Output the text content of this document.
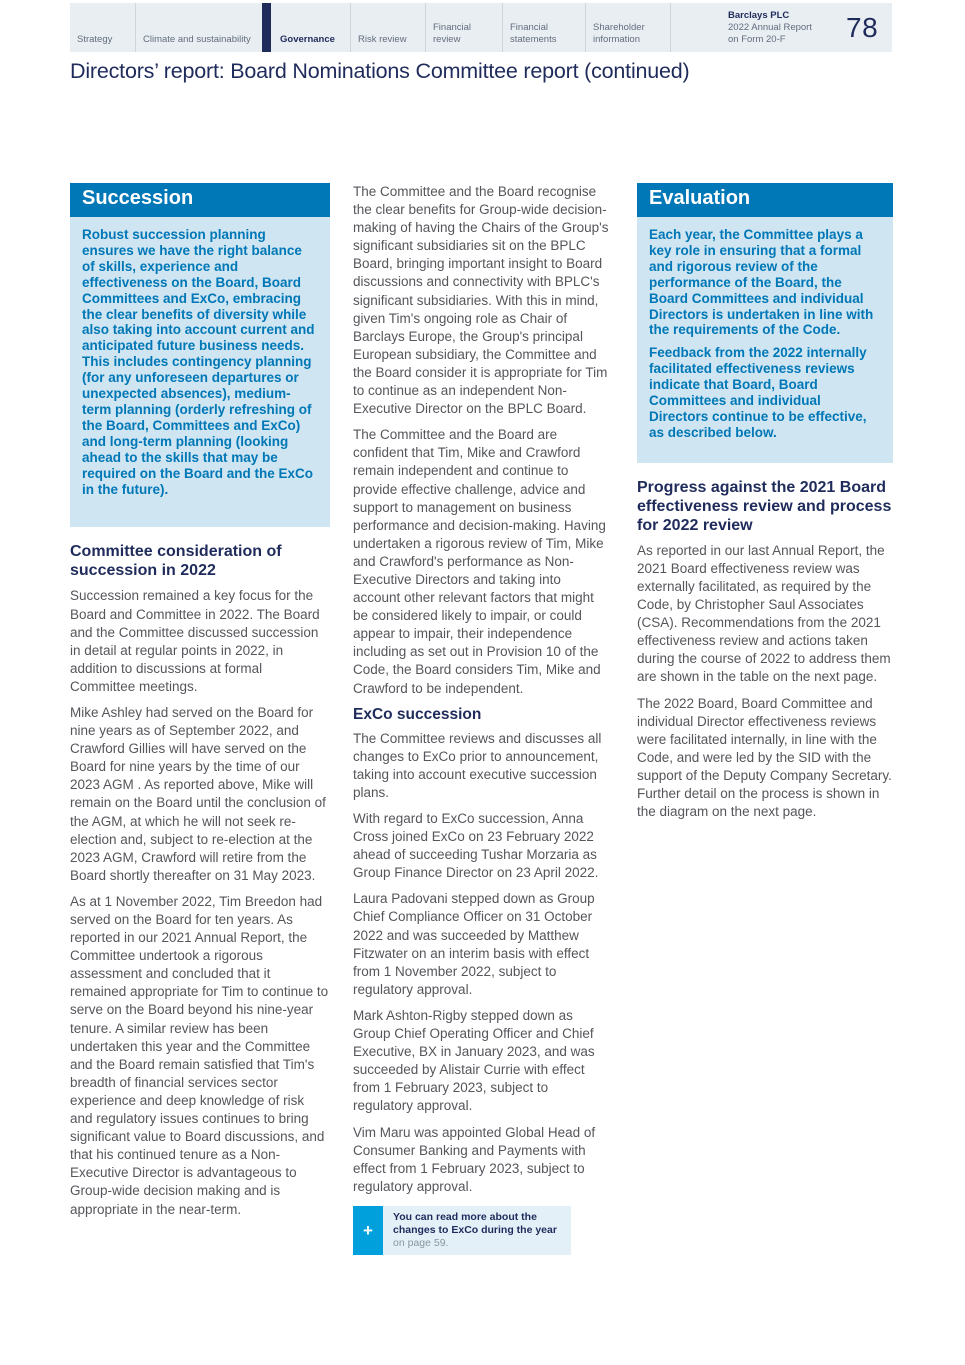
Strategy	Climate and sustainability	Governance Risk review
Financial review
Financial statements
Shareholder information
Barclays PLC
2022 Annual Report
on Form 20-F	78
Directors’ report: Board Nominations Committee report (continued)
Succession

Robust succession planning ensures we have the right balance of skills, experience and effectiveness on the Board, Board Committees and ExCo, embracing the clear benefits of diversity while also taking into account current and anticipated future business needs. This includes contingency planning (for any unforeseen departures or unexpected absences), medium-term planning (orderly refreshing of the Board, Committees and ExCo) and long-term planning (looking ahead to the skills that may be required on the Board and the ExCo in the future).

Committee consideration of succession in 2022

Succession remained a key focus for the Board and Committee in 2022. The Board and the Committee discussed succession in detail at regular points in 2022, in addition to discussions at formal Committee meetings.

Mike Ashley had served on the Board for nine years as of September 2022, and Crawford Gillies will have served on the Board for nine years by the time of our 2023 AGM . As reported above, Mike will remain on the Board until the conclusion of the AGM, at which he will not seek re-election and, subject to re-election at the 2023 AGM, Crawford will retire from the Board shortly thereafter on 31 May 2023.

As at 1 November 2022, Tim Breedon had served on the Board for ten years. As reported in our 2021 Annual Report, the Committee undertook a rigorous assessment and concluded that it remained appropriate for Tim to continue to serve on the Board beyond his nine-year tenure. A similar review has been undertaken this year and the Committee and the Board remain satisfied that Tim's breadth of financial services sector experience and deep knowledge of risk and regulatory issues continues to bring significant value to Board discussions, and that his continued tenure as a Non-Executive Director is advantageous to Group-wide decision making and is appropriate in the near-term.

The Committee and the Board recognise the clear benefits for Group-wide decision-making of having the Chairs of the Group's significant subsidiaries sit on the BPLC Board, bringing important insight to Board discussions and connectivity with BPLC's significant subsidiaries. With this in mind, given Tim's ongoing role as Chair of Barclays Europe, the Group's principal European subsidiary, the Committee and the Board consider it is appropriate for Tim to continue as an independent Non-Executive Director on the BPLC Board.

The Committee and the Board are confident that Tim, Mike and Crawford remain independent and continue to provide effective challenge, advice and support to management on business performance and decision-making. Having undertaken a rigorous review of Tim, Mike and Crawford's performance as Non-Executive Directors and taking into account other relevant factors that might be considered likely to impair, or could appear to impair, their independence including as set out in Provision 10 of the Code, the Board considers Tim, Mike and Crawford to be independent.

ExCo succession

The Committee reviews and discusses all changes to ExCo prior to announcement, taking into account executive succession plans.

With regard to ExCo succession, Anna Cross joined ExCo on 23 February 2022 ahead of succeeding Tushar Morzaria as Group Finance Director on 23 April 2022.

Laura Padovani stepped down as Group Chief Compliance Officer on 31 October 2022 and was succeeded by Matthew Fitzwater on an interim basis with effect from 1 November 2022, subject to regulatory approval.

Mark Ashton-Rigby stepped down as Group Chief Operating Officer and Chief Executive, BX in January 2023, and was succeeded by Alistair Currie with effect from 1 February 2023, subject to regulatory approval.

Vim Maru was appointed Global Head of Consumer Banking and Payments with effect from 1 February 2023, subject to regulatory approval.

+
You can read more about the changes to ExCo during the year on page 59.
Evaluation

Each year, the Committee plays a key role in ensuring that a formal and rigorous review of the performance of the Board, the Board Committees and individual Directors is undertaken in line with the requirements of the Code.

Feedback from the 2022 internally facilitated effectiveness reviews indicate that Board, Board Committees and individual Directors continue to be effective, as described below.

Progress against the 2021 Board effectiveness review and process for 2022 review

As reported in our last Annual Report, the 2021 Board effectiveness review was externally facilitated, as required by the Code, by Christopher Saul Associates (CSA). Recommendations from the 2021 effectiveness review and actions taken during the course of 2022 to address them are shown in the table on the next page.

The 2022 Board, Board Committee and individual Director effectiveness reviews were facilitated internally, in line with the Code, and were led by the SID with the support of the Deputy Company Secretary. Further detail on the process is shown in the diagram on the next page.
